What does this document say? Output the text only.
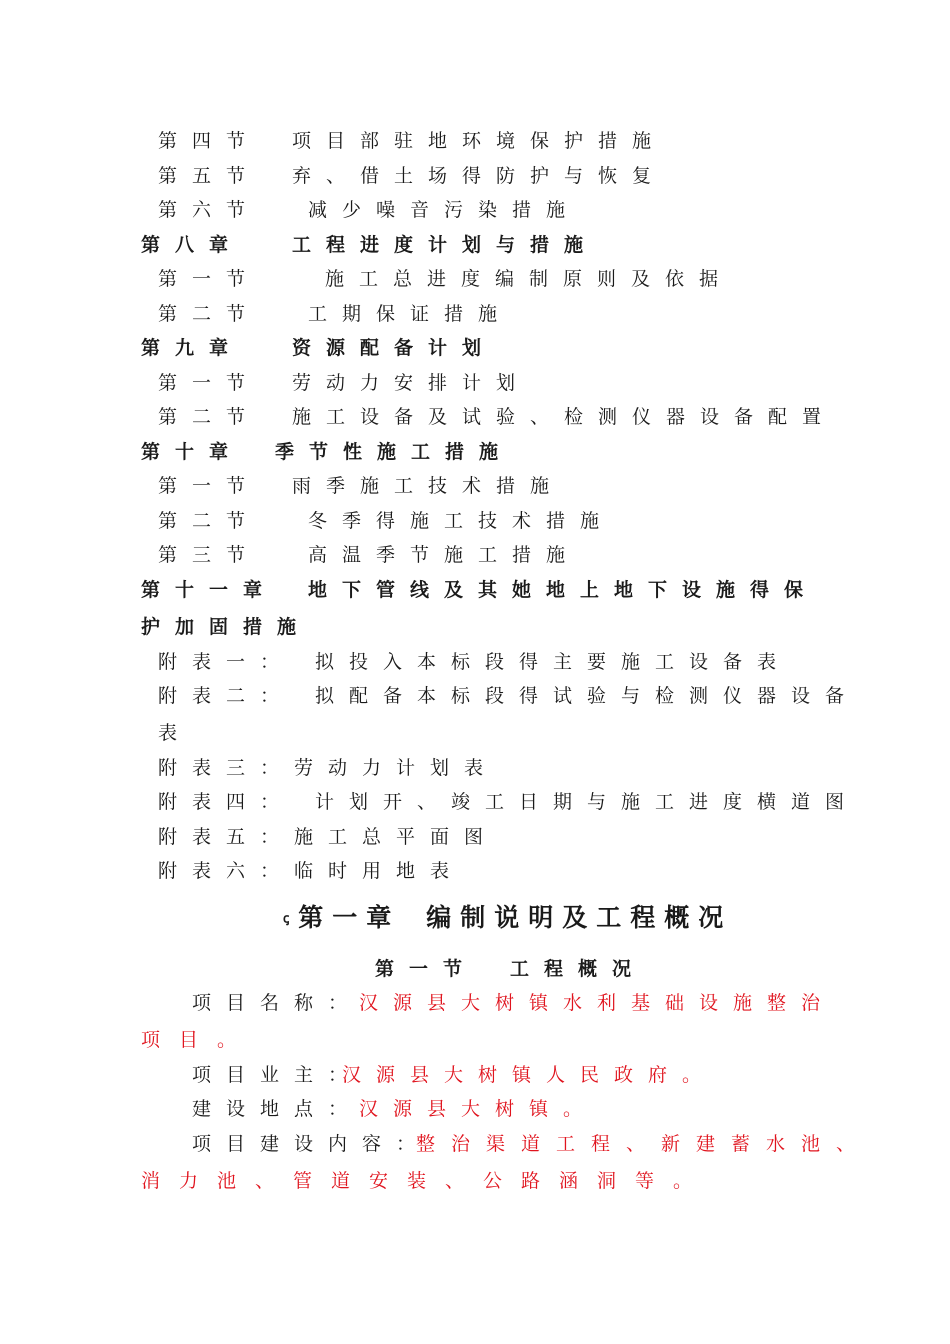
第四节 项目部驻地环境保护措施
第五节 弃、借土场得防护与恢复
第六节	减少噪音污染措施
第八章	工程进度计划与措施
第一节	施工总进度编制原则及依据
第二节	工期保证措施
第九章	资源配备计划
第一节 劳动力安排计划
第二节 施工设备及试验、检测仪器设备配置
第十章 季节性施工措施
第一节 雨季施工技术措施
第二节	冬季得施工技术措施
第三节	高温季节施工措施
第十一章 地下管线及其她地上地下设施得保
护加固措施
附表一： 拟投入本标段得主要施工设备表
附表二： 拟配备本标段得试验与检测仪器设备
表
附表三：劳动力计划表
附表四： 计划开、竣工日期与施工进度横道图
附表五：施工总平面图
附表六：临时用地表
ꞔ第一章 编制说明及工程概况
第一节 工程概况
项目名称：
汉源县大树镇水利基础设施整治
项目。
项目业主：
汉源县大树镇人民政府。
建设地点：
汉源县大树镇。
项目建设内容：
整治渠道工程、新建蓄水池、
消力池、管道安装、公路涵洞等。
